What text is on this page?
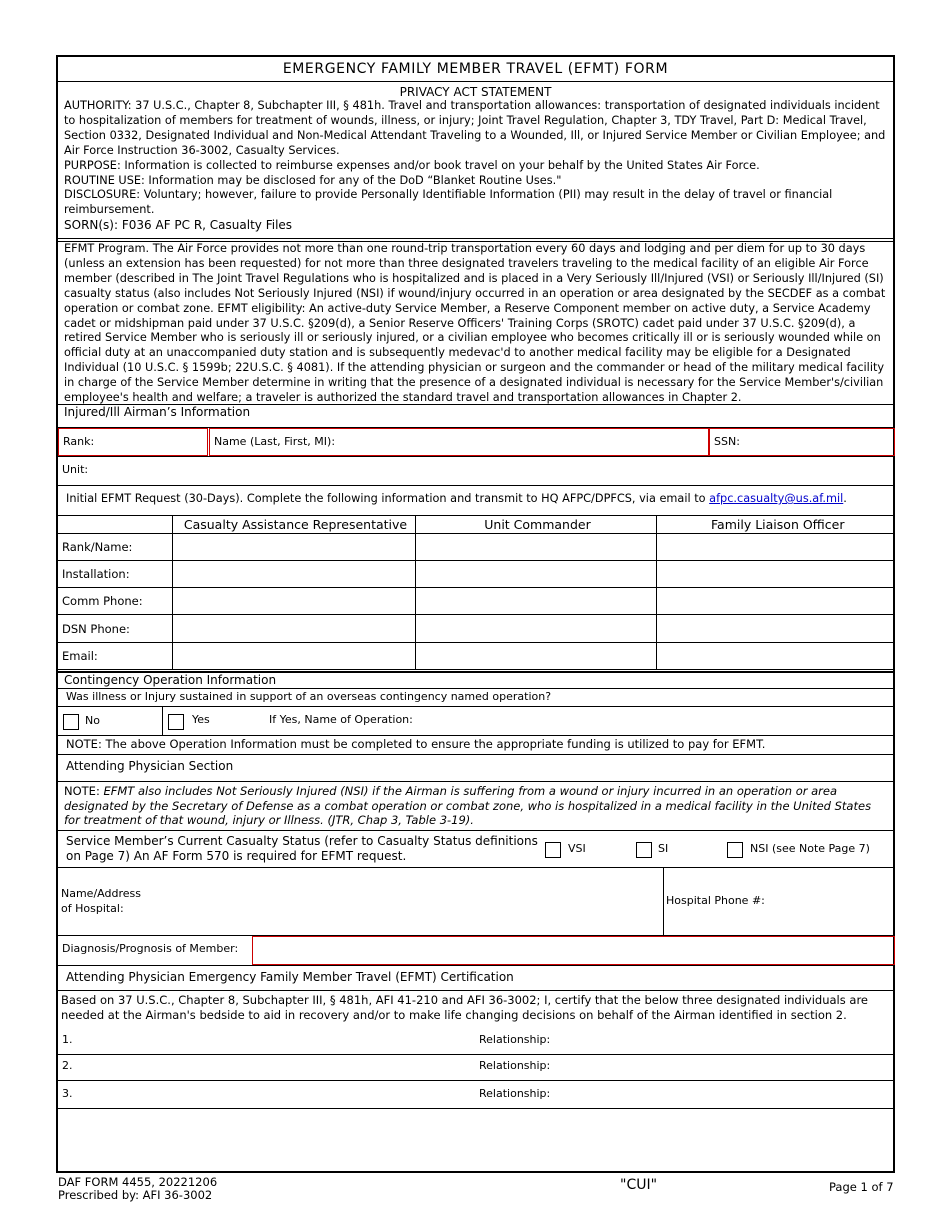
EMERGENCY FAMILY MEMBER TRAVEL (EFMT) FORM
PRIVACY ACT STATEMENT
AUTHORITY: 37 U.S.C., Chapter 8, Subchapter III, § 481h. Travel and transportation allowances: transportation of designated individuals incident to hospitalization of members for treatment of wounds, illness, or injury; Joint Travel Regulation, Chapter 3, TDY Travel, Part D: Medical Travel, Section 0332, Designated Individual and Non-Medical Attendant Traveling to a Wounded, Ill, or Injured Service Member or Civilian Employee; and Air Force Instruction 36-3002, Casualty Services.
PURPOSE: Information is collected to reimburse expenses and/or book travel on your behalf by the United States Air Force.
ROUTINE USE: Information may be disclosed for any of the DoD “Blanket Routine Uses."
DISCLOSURE: Voluntary; however, failure to provide Personally Identifiable Information (PII) may result in the delay of travel or financial reimbursement.
SORN(s): F036 AF PC R, Casualty Files
EFMT Program. The Air Force provides not more than one round-trip transportation every 60 days and lodging and per diem for up to 30 days (unless an extension has been requested) for not more than three designated travelers traveling to the medical facility of an eligible Air Force member (described in The Joint Travel Regulations who is hospitalized and is placed in a Very Seriously Ill/Injured (VSI) or Seriously Ill/Injured (SI) casualty status (also includes Not Seriously Injured (NSI) if wound/injury occurred in an operation or area designated by the SECDEF as a combat operation or combat zone. EFMT eligibility: An active-duty Service Member, a Reserve Component member on active duty, a Service Academy cadet or midshipman paid under 37 U.S.C. §209(d), a Senior Reserve Officers' Training Corps (SROTC) cadet paid under 37 U.S.C. §209(d), a retired Service Member who is seriously ill or seriously injured, or a civilian employee who becomes critically ill or is seriously wounded while on official duty at an unaccompanied duty station and is subsequently medevac'd to another medical facility may be eligible for a Designated Individual (10 U.S.C. § 1599b; 22U.S.C. § 4081). If the attending physician or surgeon and the commander or head of the military medical facility in charge of the Service Member determine in writing that the presence of a designated individual is necessary for the Service Member's/civilian employee's health and welfare; a traveler is authorized the standard travel and transportation allowances in Chapter 2.
Injured/Ill Airman’s Information
Rank:	Name (Last, First, MI):	SSN:
Unit:
Initial EFMT Request (30-Days). Complete the following information and transmit to HQ AFPC/DPFCS, via email to afpc.casualty@us.af.mil.
	Casualty Assistance Representative	Unit Commander	Family Liaison Officer
Rank/Name:			
Installation:			
Comm Phone:			
DSN Phone:			
Email:			
Contingency Operation Information
Was illness or Injury sustained in support of an overseas contingency named operation?
No	Yes	If Yes, Name of Operation:
NOTE: The above Operation Information must be completed to ensure the appropriate funding is utilized to pay for EFMT.
Attending Physician Section
NOTE: EFMT also includes Not Seriously Injured (NSI) if the Airman is suffering from a wound or injury incurred in an operation or area designated by the Secretary of Defense as a combat operation or combat zone, who is hospitalized in a medical facility in the United States for treatment of that wound, injury or Illness. (JTR, Chap 3, Table 3-19).
Service Member’s Current Casualty Status (refer to Casualty Status definitions
on Page 7) An AF Form 570 is required for EFMT request.	VSI	SI	NSI (see Note Page 7)
Name/Address
of Hospital:
Hospital Phone #:
Diagnosis/Prognosis of Member:
Attending Physician Emergency Family Member Travel (EFMT) Certification
Based on 37 U.S.C., Chapter 8, Subchapter III, § 481h, AFI 41-210 and AFI 36-3002; I, certify that the below three designated individuals are needed at the Airman's bedside to aid in recovery and/or to make life changing decisions on behalf of the Airman identified in section 2.
1.	Relationship:
2.	Relationship:
3.	Relationship:
DAF FORM 4455, 20221206
Prescribed by: AFI 36-3002
"CUI"	Page 1 of 7
